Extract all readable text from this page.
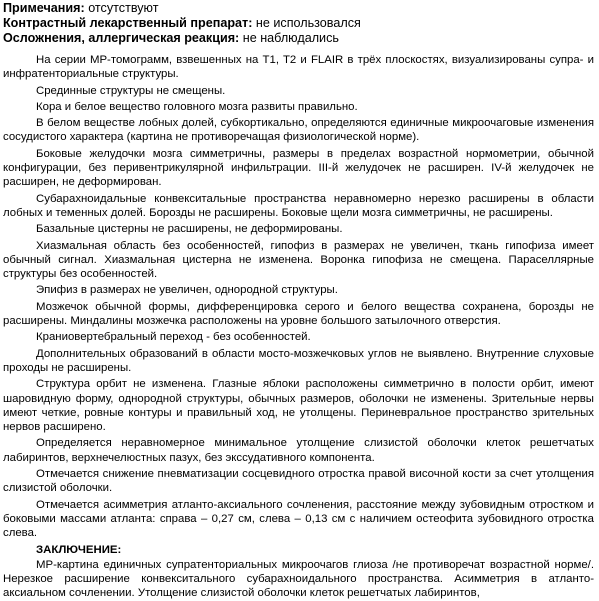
Примечания: отсутствуют
Контрастный лекарственный препарат: не использовался
Осложнения, аллергическая реакция: не наблюдались

На серии МР-томограмм, взвешенных на T1, T2 и FLAIR в трёх плоскостях, визуализированы супра- и инфратенториальные структуры.

Срединные структуры не смещены.

Кора и белое вещество головного мозга развиты правильно.

В белом веществе лобных долей, субкортикально, определяются единичные микроочаговые изменения сосудистого характера (картина не противоречащая физиологической норме).

Боковые желудочки мозга симметричны, размеры в пределах возрастной нормометрии, обычной конфигурации, без перивентрикулярной инфильтрации. III-й желудочек не расширен. IV-й желудочек не расширен, не деформирован.

Субарахноидальные конвекситальные пространства неравномерно нерезко расширены в области лобных и теменных долей. Борозды не расширены. Боковые щели мозга симметричны, не расширены.

Базальные цистерны не расширены, не деформированы.

Хиазмальная область без особенностей, гипофиз в размерах не увеличен, ткань гипофиза имеет обычный сигнал. Хиазмальная цистерна не изменена. Воронка гипофиза не смещена. Параселлярные структуры без особенностей.

Эпифиз в размерах не увеличен, однородной структуры.

Мозжечок обычной формы, дифференцировка серого и белого вещества сохранена, борозды не расширены. Миндалины мозжечка расположены на уровне большого затылочного отверстия.

Краниовертебральный переход - без особенностей.

Дополнительных образований в области мосто-мозжечковых углов не выявлено. Внутренние слуховые проходы не расширены.

Структура орбит не изменена. Глазные яблоки расположены симметрично в полости орбит, имеют шаровидную форму, однородной структуры, обычных размеров, оболочки не изменены. Зрительные нервы имеют четкие, ровные контуры и правильный ход, не утолщены. Периневральное пространство зрительных нервов расширено.

Определяется неравномерное минимальное утолщение слизистой оболочки клеток решетчатых лабиринтов, верхнечелюстных пазух, без экссудативного компонента.

Отмечается снижение пневматизации сосцевидного отростка правой височной кости за счет утолщения слизистой оболочки.

Отмечается асимметрия атланто-аксиального сочленения, расстояние между зубовидным отростком и боковыми массами атланта: справа – 0,27 см, слева – 0,13 см с наличием остеофита зубовидного отростка слева.

ЗАКЛЮЧЕНИЕ:

МР-картина единичных супратенториальных микроочагов глиоза /не противоречат возрастной норме/. Нерезкое расширение конвекситального субарахноидального пространства. Асимметрия в атланто-аксиальном сочленении. Утолщение слизистой оболочки клеток решетчатых лабиринтов,
